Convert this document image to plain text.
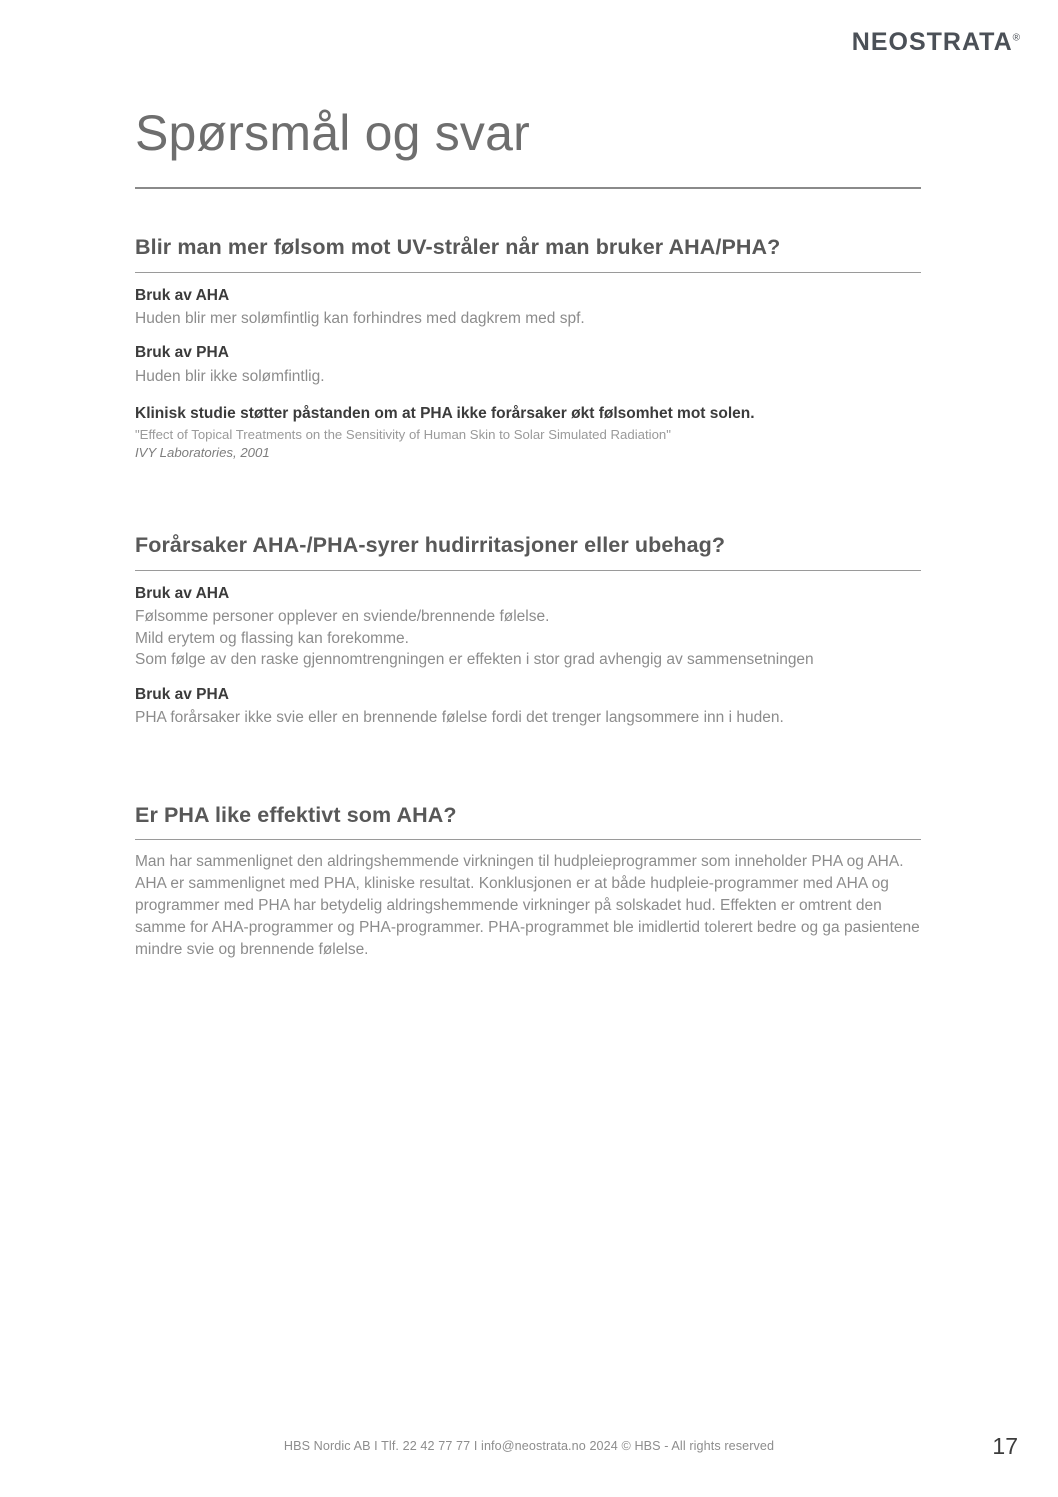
NEOSTRATA®
Spørsmål og svar
Blir man mer følsom mot UV-stråler når man bruker AHA/PHA?
Bruk av AHA

Huden blir mer solømfintlig kan forhindres med dagkrem med spf.

Bruk av PHA

Huden blir ikke solømfintlig.

Klinisk studie støtter påstanden om at PHA ikke forårsaker økt følsomhet mot solen.

"Effect of Topical Treatments on the Sensitivity of Human Skin to Solar Simulated Radiation"

IVY Laboratories, 2001

Forårsaker AHA-/PHA-syrer hudirritasjoner eller ubehag?
Bruk av AHA

Følsomme personer opplever en sviende/brennende følelse.

Mild erytem og flassing kan forekomme.

Som følge av den raske gjennomtrengningen er effekten i stor grad avhengig av sammensetningen

Bruk av PHA

PHA forårsaker ikke svie eller en brennende følelse fordi det trenger langsommere inn i huden.

Er PHA like effektivt som AHA?

Man har sammenlignet den aldringshemmende virkningen til hudpleieprogrammer som inneholder PHA og AHA.

AHA er sammenlignet med PHA, kliniske resultat. Konklusjonen er at både hudpleie-programmer med AHA og programmer med PHA har betydelig aldringshemmende virkninger på solskadet hud. Effekten er omtrent den samme for AHA-programmer og PHA-programmer. PHA-programmet ble imidlertid tolerert bedre og ga pasientene mindre svie og brennende følelse.

HBS Nordic AB I Tlf. 22 42 77 77 I info@neostrata.no 2024 © HBS - All rights reserved	17
